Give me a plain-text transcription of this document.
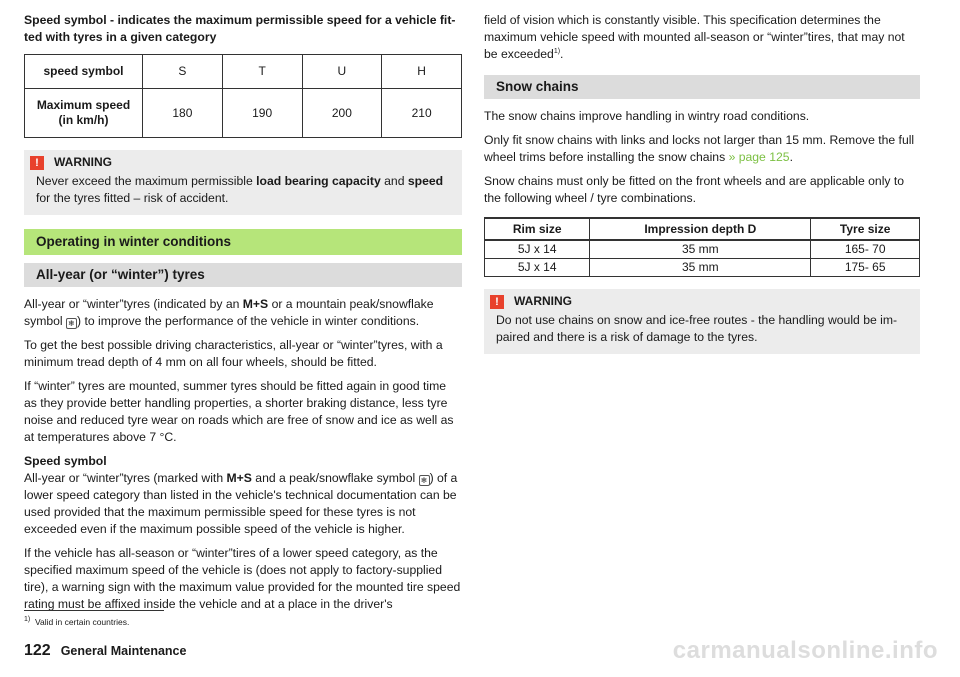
Speed symbol - indicates the maximum permissible speed for a vehicle fit-ted with tyres in a given category

speed symbol	S	T	U	H
Maximum speed (in km/h)	180	190	200	210
!	WARNING

Never exceed the maximum permissible load bearing capacity and speed for the tyres fitted – risk of accident.

Operating in winter conditions
All-year (or “winter”) tyres

All-year or “winter”tyres (indicated by an M+S or a mountain peak/snowflake symbol ❄ ) to improve the performance of the vehicle in winter conditions.

To get the best possible driving characteristics, all-year or “winter”tyres, with a minimum tread depth of 4 mm on all four wheels, should be fitted.

If “winter” tyres are mounted, summer tyres should be fitted again in good time as they provide better handling properties, a shorter braking distance, less tyre noise and reduced tyre wear on roads which are free of snow and ice as well as at temperatures above 7 °C.

Speed symbol
All-year or “winter”tyres (marked with M+S and a peak/snowflake symbol ❄ ) of a lower speed category than listed in the vehicle's technical documentation can be used provided that the maximum permissible speed for these tyres is not exceeded even if the maximum possible speed of the vehicle is higher.

If the vehicle has all-season or “winter”tires of a lower speed category, as the specified maximum speed of the vehicle is (does not apply to factory-supplied tire), a warning sign with the maximum value provided for the mounted tire speed rating must be affixed inside the vehicle and at a place in the driver's

field of vision which is constantly visible. This specification determines the maximum vehicle speed with mounted all-season or “winter”tires, that may not be exceeded$^{1)}$.

Snow chains

The snow chains improve handling in wintry road conditions.

Only fit snow chains with links and locks not larger than 15 mm. Remove the full wheel trims before installing the snow chains » page 125.

Snow chains must only be fitted on the front wheels and are applicable only to the following wheel / tyre combinations.

Rim size	Impression depth D	Tyre size
5J x 14	35 mm	165- 70
5J x 14	35 mm	175- 65
!	WARNING

Do not use chains on snow and ice-free routes - the handling would be im-paired and there is a risk of damage to the tyres.

$^{1)}$ Valid in certain countries.
122 General Maintenance	carmanualsonline.info
